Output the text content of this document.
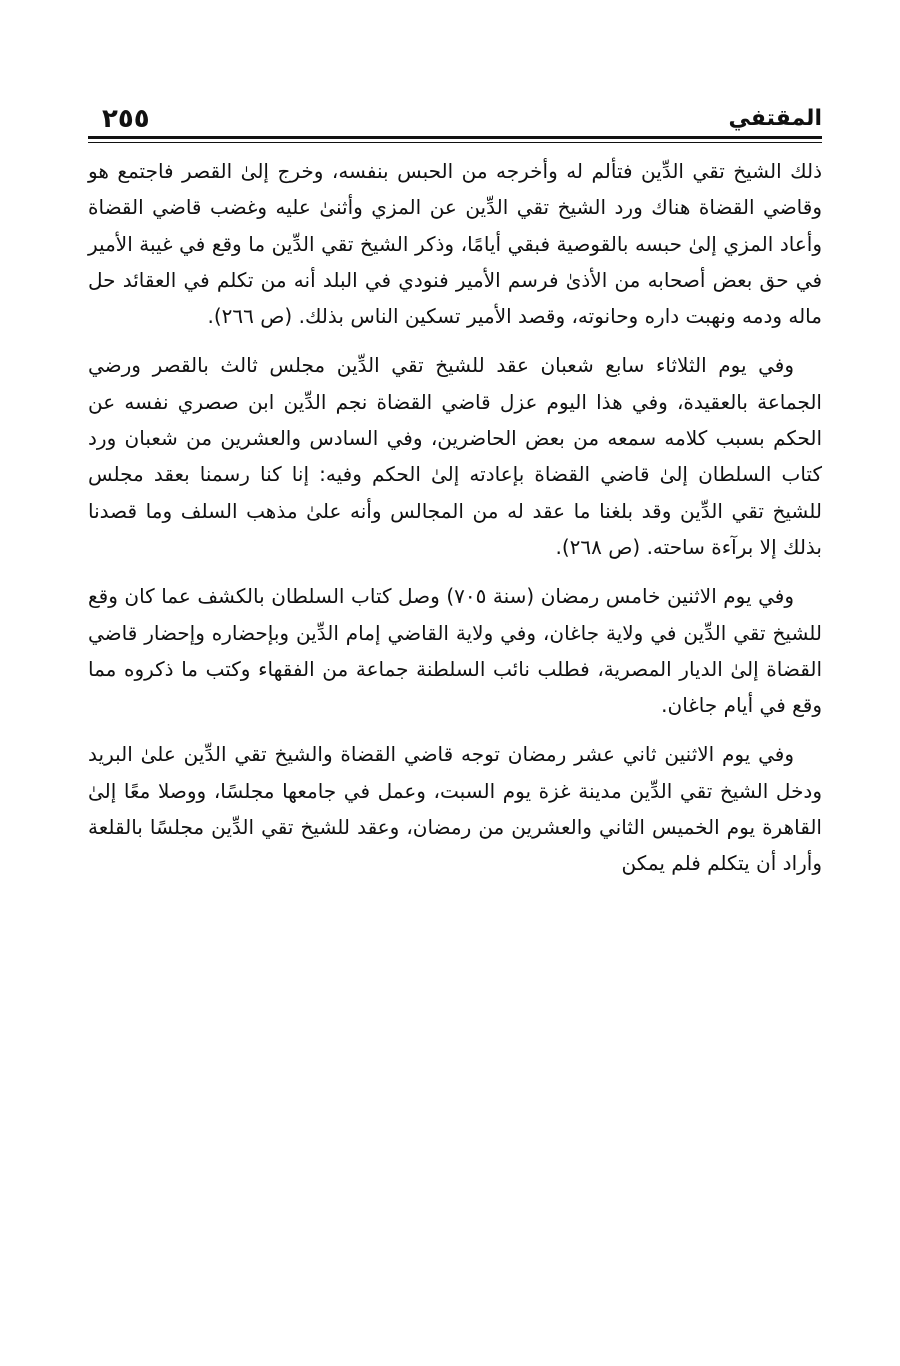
المقتفي
٢٥٥

ذلك الشيخ تقي الدِّين فتألم له وأخرجه من الحبس بنفسه، وخرج إلىٰ القصر فاجتمع هو وقاضي القضاة هناك ورد الشيخ تقي الدِّين عن المزي وأثنىٰ عليه وغضب قاضي القضاة وأعاد المزي إلىٰ حبسه بالقوصية فبقي أيامًا، وذكر الشيخ تقي الدِّين ما وقع في غيبة الأمير في حق بعض أصحابه من الأذىٰ فرسم الأمير فنودي في البلد أنه من تكلم في العقائد حل ماله ودمه ونهبت داره وحانوته، وقصد الأمير تسكين الناس بذلك. (ص ٢٦٦).

وفي يوم الثلاثاء سابع شعبان عقد للشيخ تقي الدِّين مجلس ثالث بالقصر ورضي الجماعة بالعقيدة، وفي هذا اليوم عزل قاضي القضاة نجم الدِّين ابن صصري نفسه عن الحكم بسبب كلامه سمعه من بعض الحاضرين، وفي السادس والعشرين من شعبان ورد كتاب السلطان إلىٰ قاضي القضاة بإعادته إلىٰ الحكم وفيه: إنا كنا رسمنا بعقد مجلس للشيخ تقي الدِّين وقد بلغنا ما عقد له من المجالس وأنه علىٰ مذهب السلف وما قصدنا بذلك إلا برآءة ساحته. (ص ٢٦٨).

وفي يوم الاثنين خامس رمضان (سنة ٧٠٥) وصل كتاب السلطان بالكشف عما كان وقع للشيخ تقي الدِّين في ولاية جاغان، وفي ولاية القاضي إمام الدِّين وبإحضاره وإحضار قاضي القضاة إلىٰ الديار المصرية، فطلب نائب السلطنة جماعة من الفقهاء وكتب ما ذكروه مما وقع في أيام جاغان.

وفي يوم الاثنين ثاني عشر رمضان توجه قاضي القضاة والشيخ تقي الدِّين علىٰ البريد ودخل الشيخ تقي الدِّين مدينة غزة يوم السبت، وعمل في جامعها مجلسًا، ووصلا معًا إلىٰ القاهرة يوم الخميس الثاني والعشرين من رمضان، وعقد للشيخ تقي الدِّين مجلسًا بالقلعة وأراد أن يتكلم فلم يمكن
